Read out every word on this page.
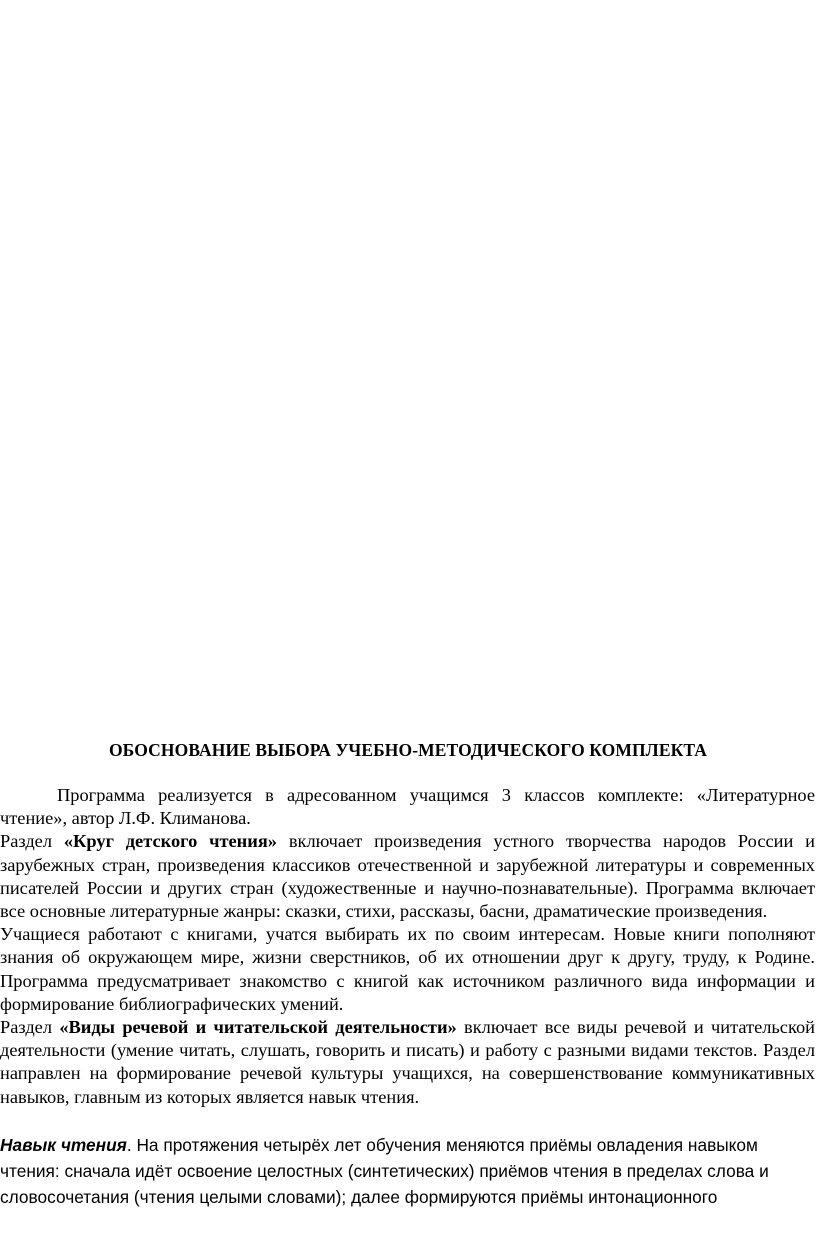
ОБОСНОВАНИЕ ВЫБОРА УЧЕБНО-МЕТОДИЧЕСКОГО КОМПЛЕКТА

Программа реализуется в адресованном учащимся 3 классов комплекте: «Литературное чтение», автор Л.Ф. Климанова.

Раздел «Круг детского чтения» включает произведения устного творчества народов России и зарубежных стран, произведения классиков отечественной и зарубежной литературы и современных писателей России и других стран (художественные и научно-познавательные). Программа включает все основные литературные жанры: сказки, стихи, рассказы, басни, драматические произведения.

Учащиеся работают с книгами, учатся выбирать их по своим интересам. Новые книги пополняют знания об окружающем мире, жизни сверстников, об их отношении друг к другу, труду, к Родине. Программа предусматривает знакомство с книгой как источником различного вида информации и формирование библиографических умений.

Раздел «Виды речевой и читательской деятельности» включает все виды речевой и читательской деятельности (умение читать, слушать, говорить и писать) и работу с разными видами текстов. Раздел направлен на формирование речевой культуры учащихся, на совершенствование коммуникативных навыков, главным из которых является навык чтения.

Навык чтения. На протяжения четырёх лет обучения меняются приёмы овладения навыком чтения: сначала идёт освоение целостных (синтетических) приёмов чтения в пределах слова и словосочетания (чтения целыми словами); далее формируются приёмы интонационного
